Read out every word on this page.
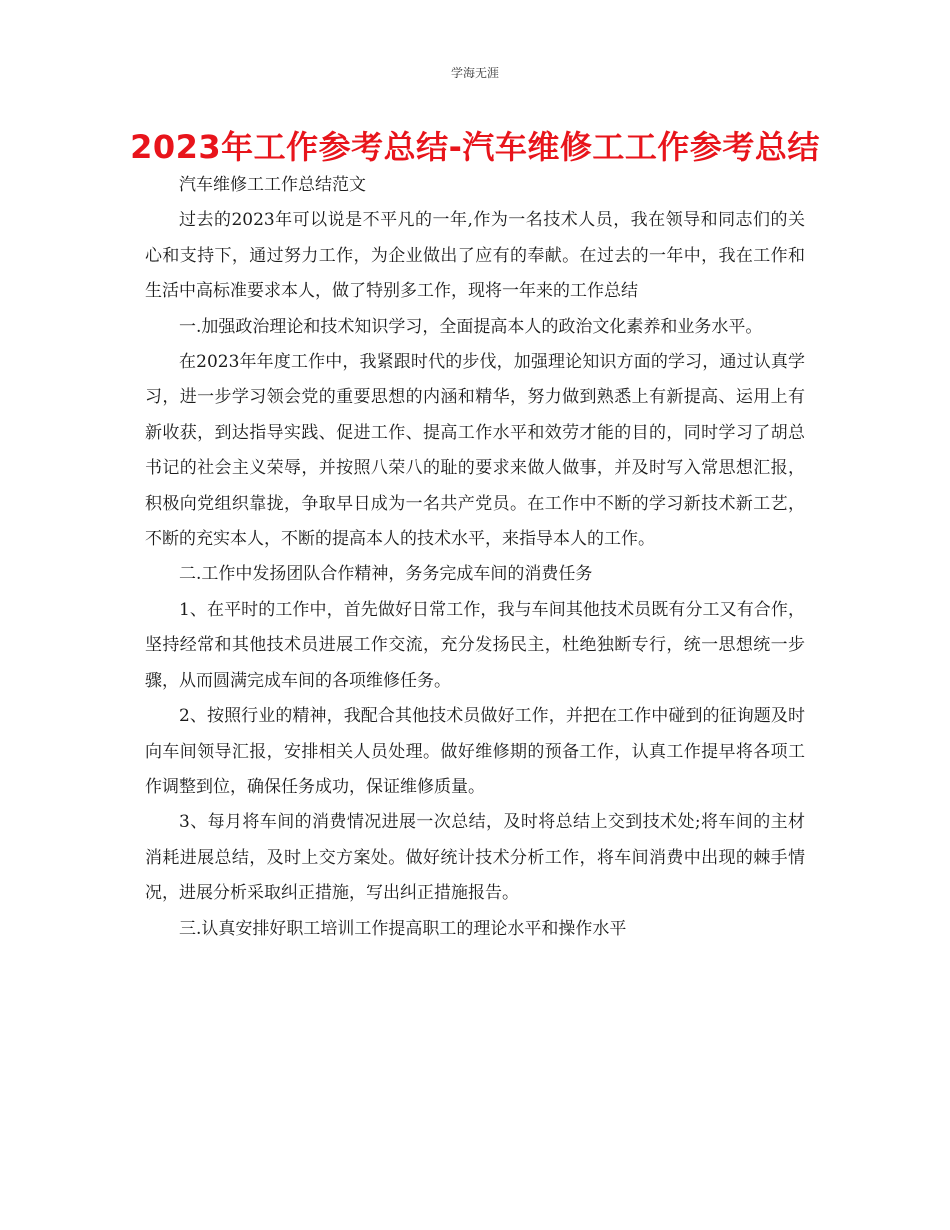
学海无涯
2023年工作参考总结-汽车维修工工作参考总结

汽车维修工工作总结范文

过去的2023年可以说是不平凡的一年,作为一名技术人员，我在领导和同志们的关心和支持下，通过努力工作，为企业做出了应有的奉献。在过去的一年中，我在工作和生活中高标准要求本人，做了特别多工作，现将一年来的工作总结

一.加强政治理论和技术知识学习，全面提高本人的政治文化素养和业务水平。

在2023年年度工作中，我紧跟时代的步伐，加强理论知识方面的学习，通过认真学习，进一步学习领会党的重要思想的内涵和精华，努力做到熟悉上有新提高、运用上有新收获，到达指导实践、促进工作、提高工作水平和效劳才能的目的，同时学习了胡总书记的社会主义荣辱，并按照八荣八的耻的要求来做人做事，并及时写入常思想汇报，积极向党组织靠拢，争取早日成为一名共产党员。在工作中不断的学习新技术新工艺，不断的充实本人，不断的提高本人的技术水平，来指导本人的工作。

二.工作中发扬团队合作精神，务务完成车间的消费任务

1、在平时的工作中，首先做好日常工作，我与车间其他技术员既有分工又有合作，坚持经常和其他技术员进展工作交流，充分发扬民主，杜绝独断专行，统一思想统一步骤，从而圆满完成车间的各项维修任务。

2、按照行业的精神，我配合其他技术员做好工作，并把在工作中碰到的征询题及时向车间领导汇报，安排相关人员处理。做好维修期的预备工作，认真工作提早将各项工作调整到位，确保任务成功，保证维修质量。

3、每月将车间的消费情况进展一次总结，及时将总结上交到技术处;将车间的主材消耗进展总结，及时上交方案处。做好统计技术分析工作，将车间消费中出现的棘手情况，进展分析采取纠正措施，写出纠正措施报告。

三.认真安排好职工培训工作提高职工的理论水平和操作水平
